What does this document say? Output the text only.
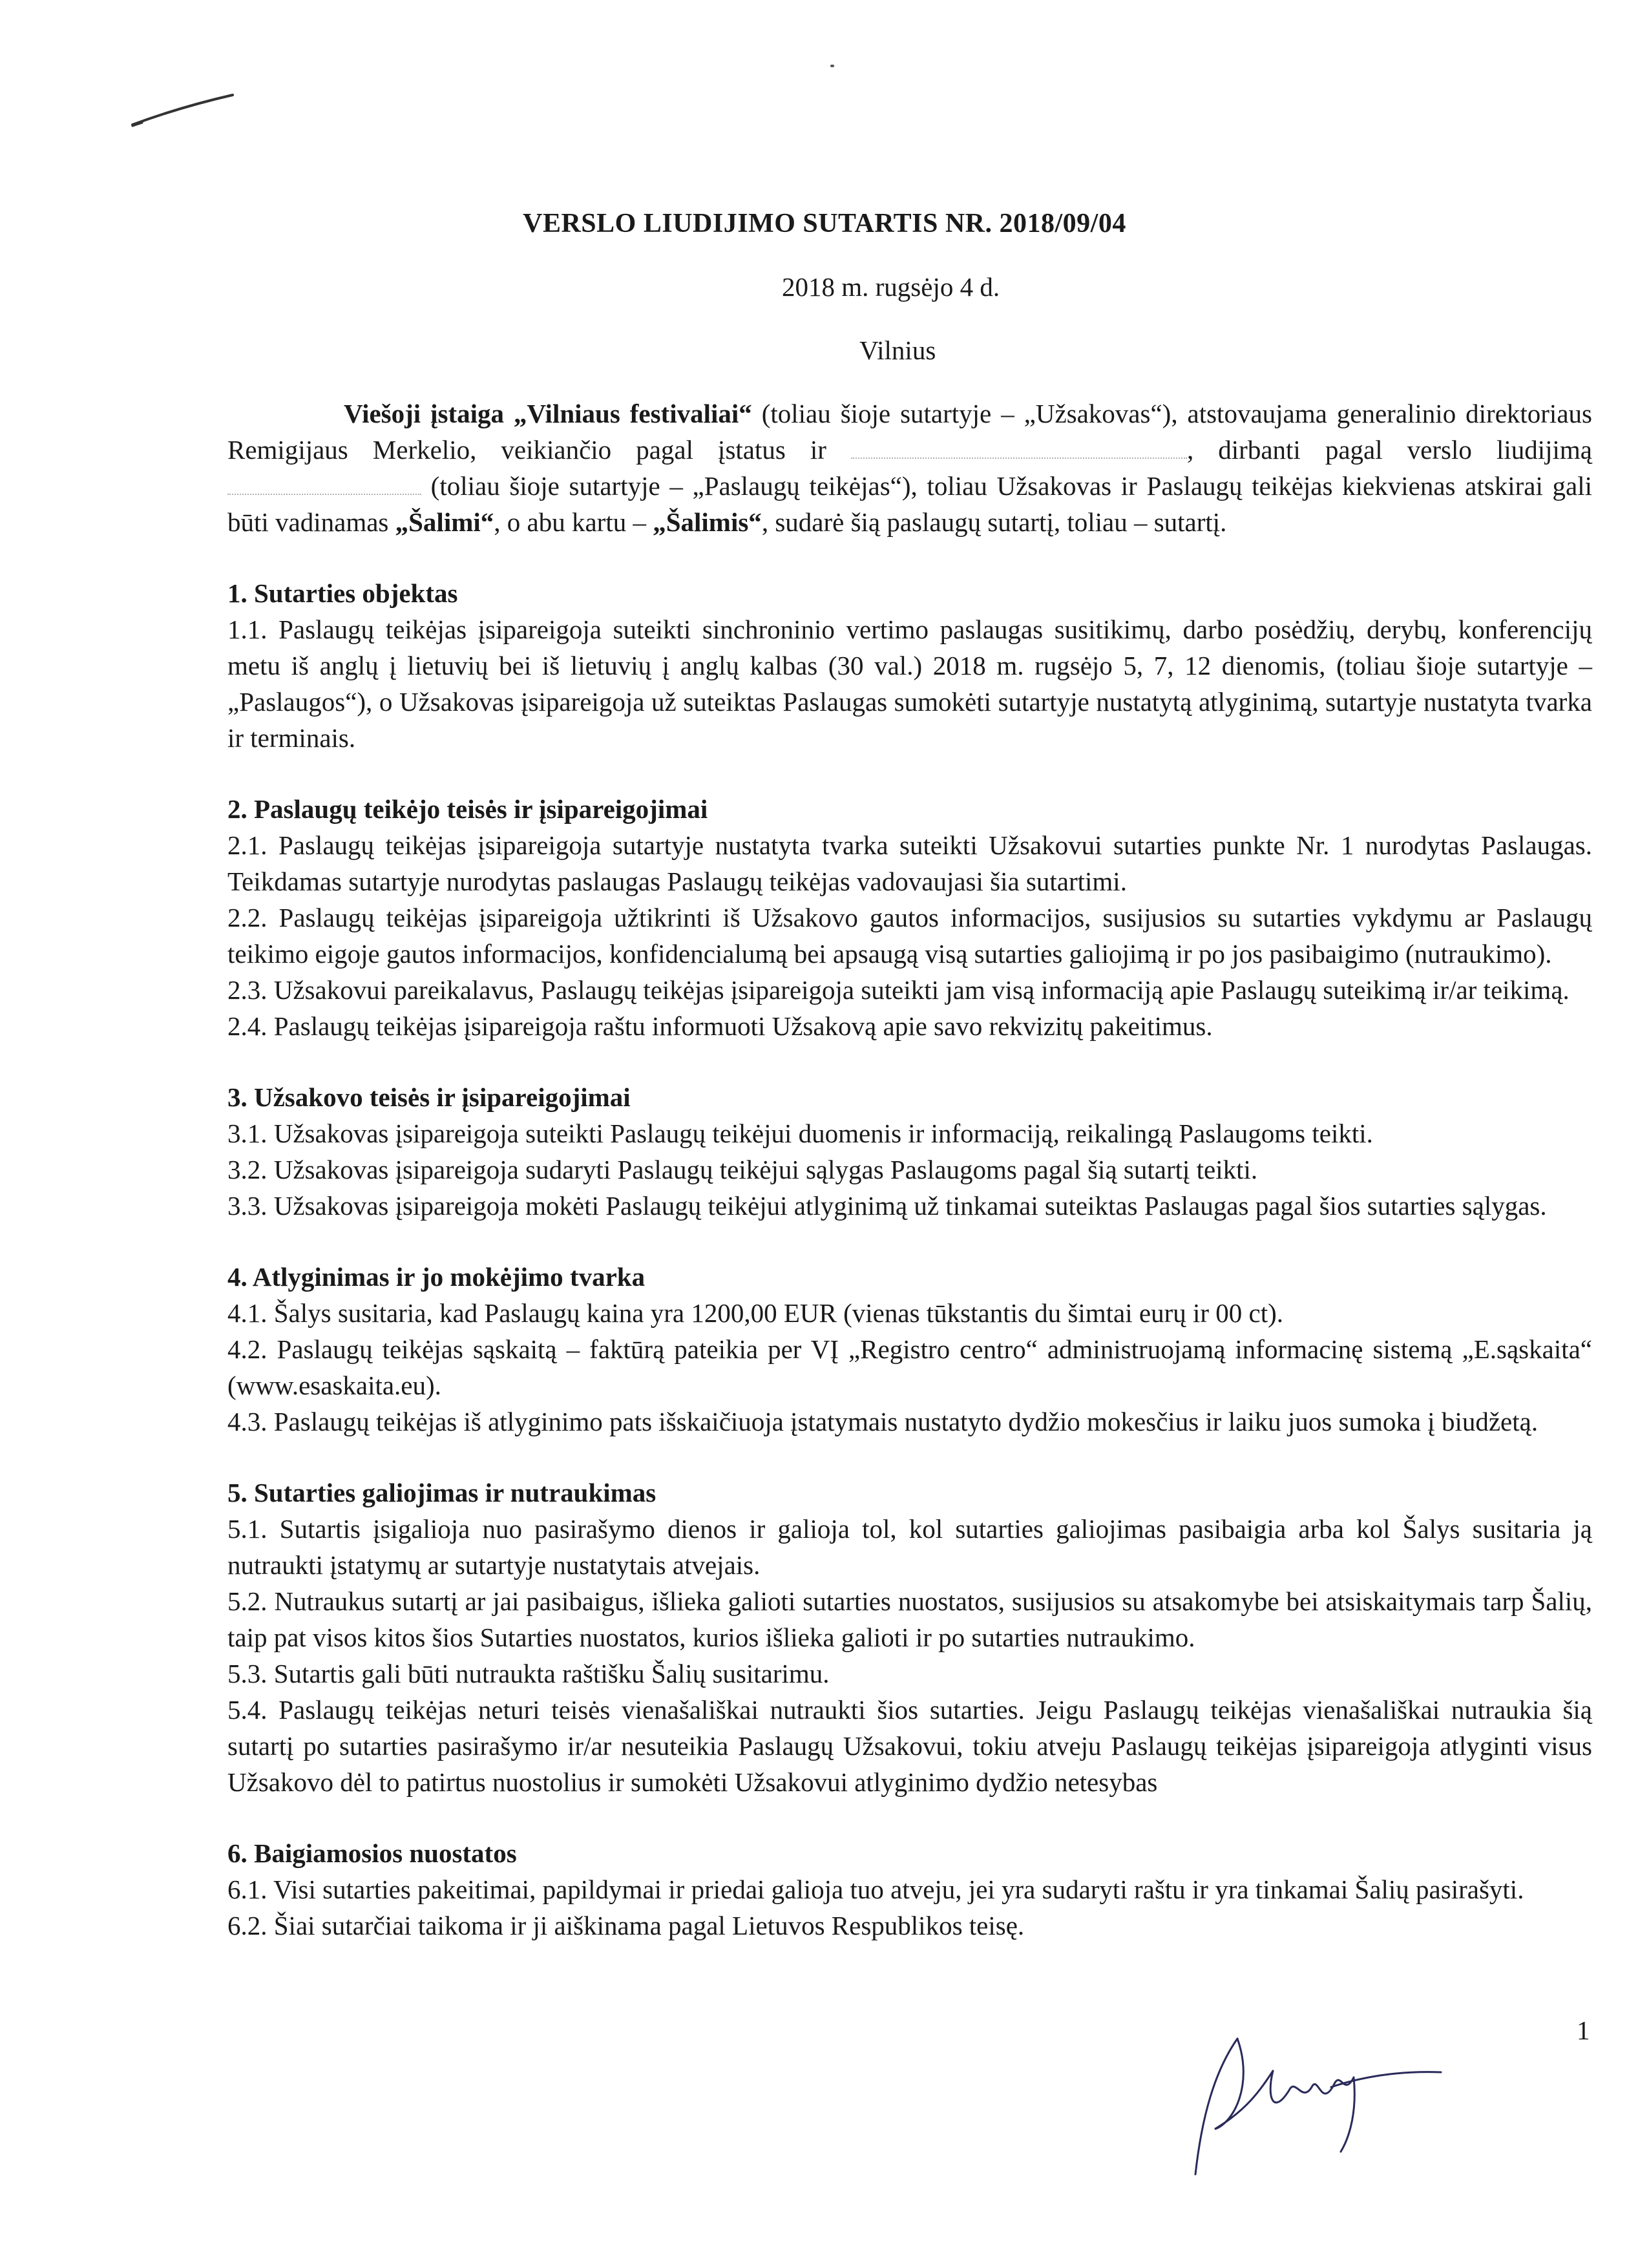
VERSLO LIUDIJIMO SUTARTIS NR. 2018/09/04
2018 m. rugsėjo 4 d.
Vilnius

Viešoji įstaiga „Vilniaus festivaliai“ (toliau šioje sutartyje – „Užsakovas“), atstovaujama generalinio direktoriaus Remigijaus Merkelio, veikiančio pagal įstatus ir	, dirbanti pagal verslo liudijimą  (toliau šioje sutartyje – „Paslaugų teikėjas“), toliau Užsakovas ir Paslaugų teikėjas kiekvienas atskirai gali būti vadinamas „Šalimi“, o abu kartu – „Šalimis“, sudarė šią paslaugų sutartį, toliau – sutartį.

1. Sutarties objektas

1.1. Paslaugų teikėjas įsipareigoja suteikti sinchroninio vertimo paslaugas susitikimų, darbo posėdžių, derybų, konferencijų metu iš anglų į lietuvių bei iš lietuvių į anglų kalbas (30 val.) 2018 m. rugsėjo 5, 7, 12 dienomis, (toliau šioje sutartyje – „Paslaugos“), o Užsakovas įsipareigoja už suteiktas Paslaugas sumokėti sutartyje nustatytą atlyginimą, sutartyje nustatyta tvarka ir terminais.

2. Paslaugų teikėjo teisės ir įsipareigojimai

2.1. Paslaugų teikėjas įsipareigoja sutartyje nustatyta tvarka suteikti Užsakovui sutarties punkte Nr. 1 nurodytas Paslaugas. Teikdamas sutartyje nurodytas paslaugas Paslaugų teikėjas vadovaujasi šia sutartimi.

2.2. Paslaugų teikėjas įsipareigoja užtikrinti iš Užsakovo gautos informacijos, susijusios su sutarties vykdymu ar Paslaugų teikimo eigoje gautos informacijos, konfidencialumą bei apsaugą visą sutarties galiojimą ir po jos pasibaigimo (nutraukimo).

2.3. Užsakovui pareikalavus, Paslaugų teikėjas įsipareigoja suteikti jam visą informaciją apie Paslaugų suteikimą ir/ar teikimą.

2.4. Paslaugų teikėjas įsipareigoja raštu informuoti Užsakovą apie savo rekvizitų pakeitimus.

3. Užsakovo teisės ir įsipareigojimai

3.1. Užsakovas įsipareigoja suteikti Paslaugų teikėjui duomenis ir informaciją, reikalingą Paslaugoms teikti.

3.2. Užsakovas įsipareigoja sudaryti Paslaugų teikėjui sąlygas Paslaugoms pagal šią sutartį teikti.

3.3. Užsakovas įsipareigoja mokėti Paslaugų teikėjui atlyginimą už tinkamai suteiktas Paslaugas pagal šios sutarties sąlygas.

4. Atlyginimas ir jo mokėjimo tvarka

4.1. Šalys susitaria, kad Paslaugų kaina yra 1200,00 EUR (vienas tūkstantis du šimtai eurų ir 00 ct).

4.2. Paslaugų teikėjas sąskaitą – faktūrą pateikia per VĮ „Registro centro“ administruojamą informacinę sistemą „E.sąskaita“ (www.esaskaita.eu).

4.3. Paslaugų teikėjas iš atlyginimo pats išskaičiuoja įstatymais nustatyto dydžio mokesčius ir laiku juos sumoka į biudžetą.

5. Sutarties galiojimas ir nutraukimas

5.1. Sutartis įsigalioja nuo pasirašymo dienos ir galioja tol, kol sutarties galiojimas pasibaigia arba kol Šalys susitaria ją nutraukti įstatymų ar sutartyje nustatytais atvejais.

5.2. Nutraukus sutartį ar jai pasibaigus, išlieka galioti sutarties nuostatos, susijusios su atsakomybe bei atsiskaitymais tarp Šalių, taip pat visos kitos šios Sutarties nuostatos, kurios išlieka galioti ir po sutarties nutraukimo.

5.3. Sutartis gali būti nutraukta raštišku Šalių susitarimu.

5.4. Paslaugų teikėjas neturi teisės vienašališkai nutraukti šios sutarties. Jeigu Paslaugų teikėjas vienašališkai nutraukia šią sutartį po sutarties pasirašymo ir/ar nesuteikia Paslaugų Užsakovui, tokiu atveju Paslaugų teikėjas įsipareigoja atlyginti visus Užsakovo dėl to patirtus nuostolius ir sumokėti Užsakovui atlyginimo dydžio netesybas

6. Baigiamosios nuostatos

6.1. Visi sutarties pakeitimai, papildymai ir priedai galioja tuo atveju, jei yra sudaryti raštu ir yra tinkamai Šalių pasirašyti.

6.2. Šiai sutarčiai taikoma ir ji aiškinama pagal Lietuvos Respublikos teisę.

1
